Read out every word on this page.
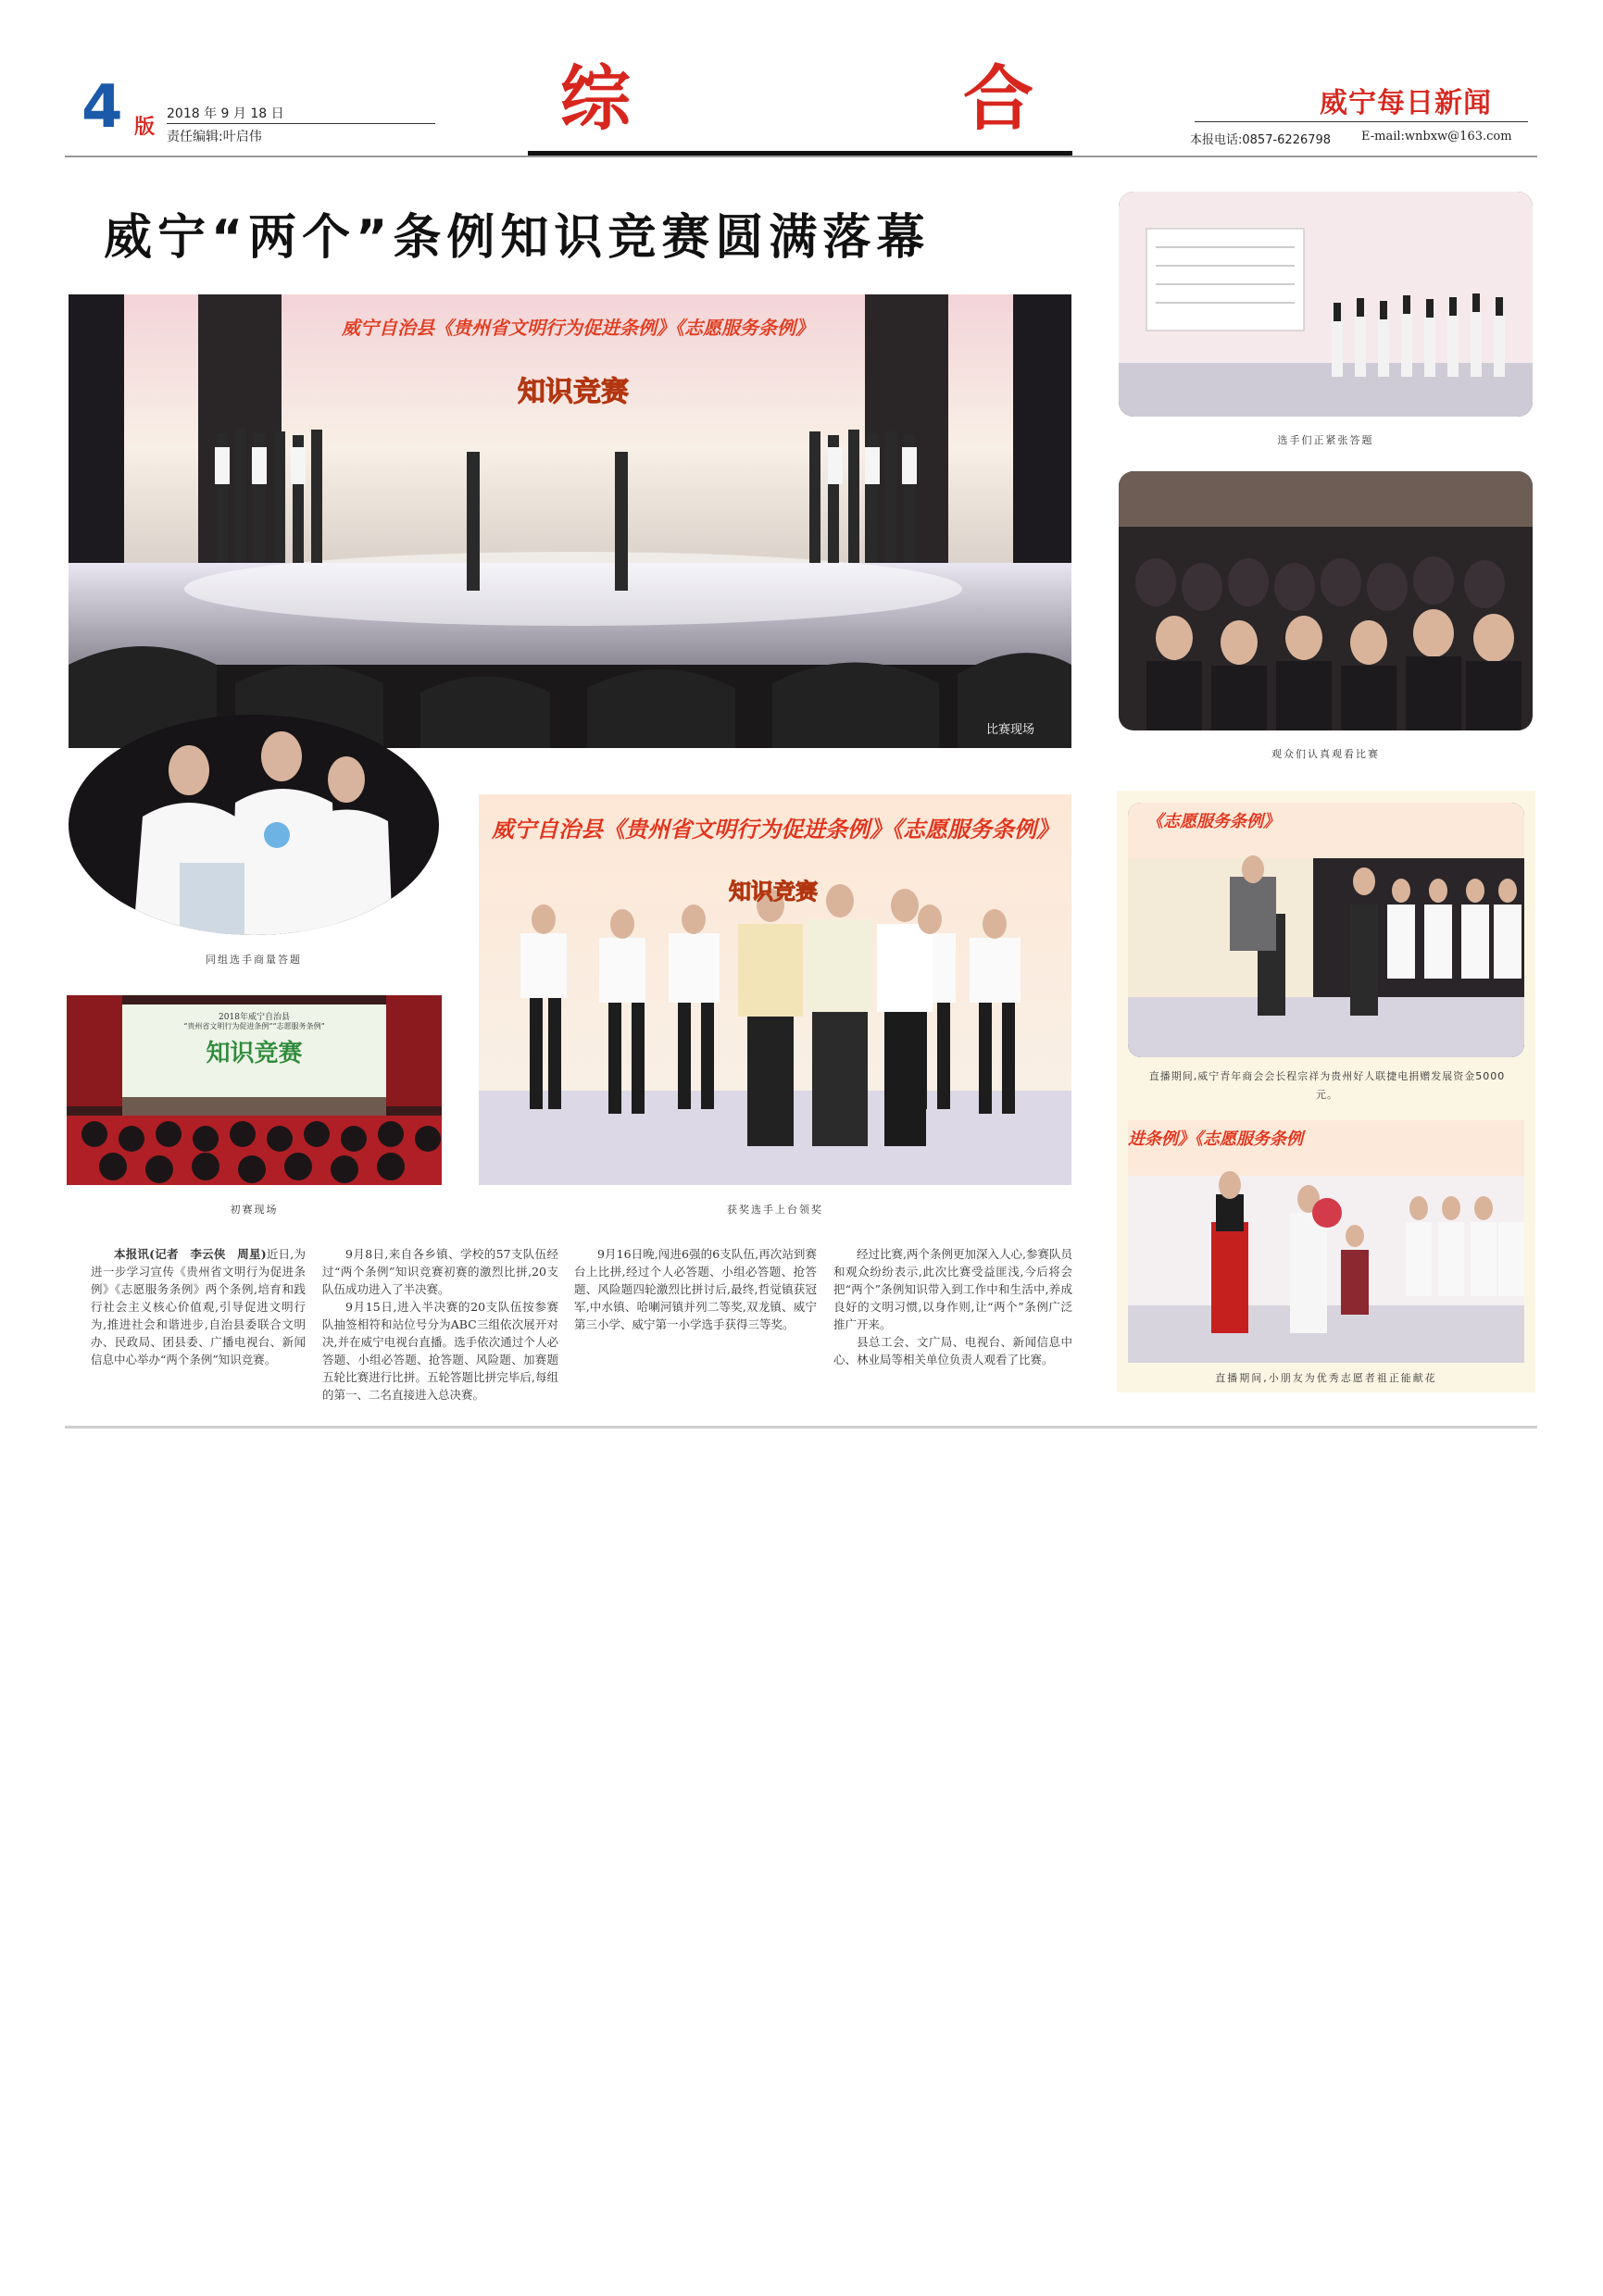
4 版
2018 年 9 月 18 日
责任编辑:叶启伟	综	合	威宁每日新闻
本报电话:0857-6226798	E-mail:wnbxw@163.com
威宁“两个”条例知识竞赛圆满落幕
威宁自治县《贵州省文明行为促进条例》《志愿服务条例》
知识竞赛
比赛现场
选手们正紧张答题
观众们认真观看比赛
同组选手商量答题
2018年威宁自治县
“贵州省文明行为促进条例”“志愿服务条例”
知识竞赛
初赛现场
威宁自治县《贵州省文明行为促进条例》《志愿服务条例》
知识竞赛
获奖选手上台领奖
《志愿服务条例》
直播期间,威宁青年商会会长程宗祥为贵州好人联捷电捐赠发展资金5000元。
进条例》《志愿服务条例
直播期间,小朋友为优秀志愿者祖正能献花

本报讯(记者　李云侠　周星)近日,为进一步学习宣传《贵州省文明行为促进条例》《志愿服务条例》两个条例,培育和践行社会主义核心价值观,引导促进文明行为,推进社会和谐进步,自治县委联合文明办、民政局、团县委、广播电视台、新闻信息中心举办“两个条例”知识竞赛。

9月8日,来自各乡镇、学校的57支队伍经过“两个条例”知识竞赛初赛的激烈比拼,20支队伍成功进入了半决赛。

9月15日,进入半决赛的20支队伍按参赛队抽签相符和站位号分为ABC三组依次展开对决,并在威宁电视台直播。选手依次通过个人必答题、小组必答题、抢答题、风险题、加赛题五轮比赛进行比拼。五轮答题比拼完毕后,每组的第一、二名直接进入总决赛。

9月16日晚,闯进6强的6支队伍,再次站到赛台上比拼,经过个人必答题、小组必答题、抢答题、风险题四轮激烈比拼讨后,最终,哲觉镇获冠军,中水镇、哈喇河镇并列二等奖,双龙镇、威宁第三小学、威宁第一小学选手获得三等奖。

经过比赛,两个条例更加深入人心,参赛队员和观众纷纷表示,此次比赛受益匪浅,今后将会把“两个”条例知识带入到工作中和生活中,养成良好的文明习惯,以身作则,让“两个”条例广泛推广开来。

县总工会、文广局、电视台、新闻信息中心、林业局等相关单位负责人观看了比赛。
